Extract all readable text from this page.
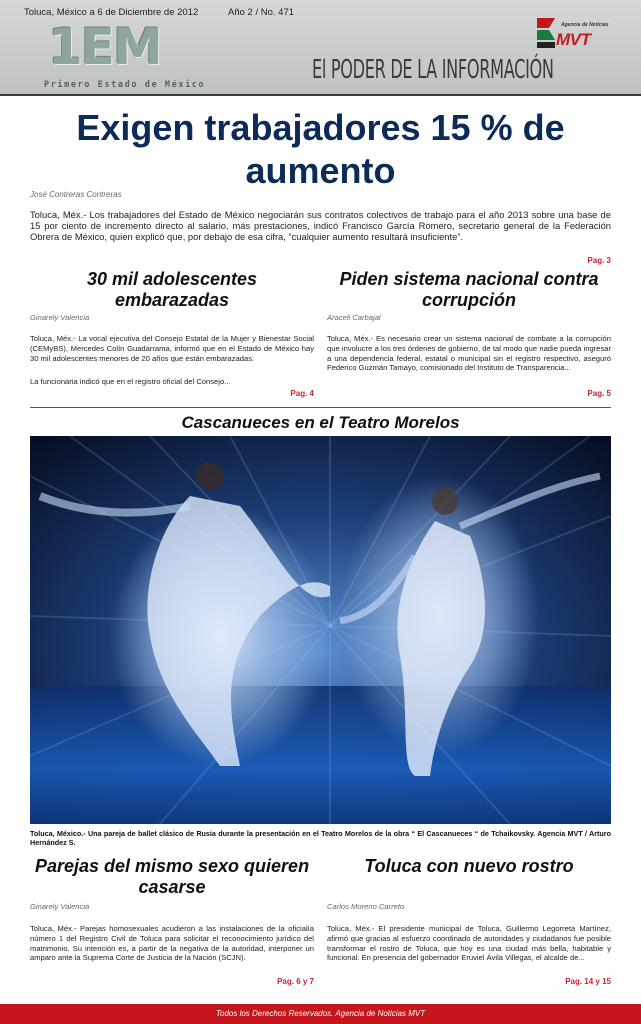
Toluca, México a 6 de Diciembre de 2012	Año 2 / No. 471
1EM
Primero Estado de México	El PODER DE LA INFORMACIÓN
Agencia de Noticias
MVT
Exigen trabajadores 15 % de aumento
José Contreras Contreras
Toluca, Méx.- Los trabajadores del Estado de México negociarán sus contratos colectivos de trabajo para el año 2013 sobre una base de 15 por ciento de incremento directo al salario, más prestaciones, indicó Francisco García Romero, secretario general de la Federación Obrera de México, quien explicó que, por debajo de esa cifra, “cualquier aumento resultará insuficiente”.
Pag. 3
30 mil adolescentes embarazadas
Ginarely Valencia
Toluca, Méx.- La vocal ejecutiva del Consejo Estatal de la Mujer y Bienestar Social (CEMyBS), Mercedes Colín Guadarrama, informó que en el Estado de México hay 30 mil adolescentes menores de 20 años que están embarazadas.
La funcionaria indicó que en el registro oficial del Consejo...
Pag. 4
Piden sistema nacional contra corrupción
Araceli Carbajal
Toluca, Méx.- Es necesario crear un sistema nacional de combate a la corrupción que involucre a los tres órdenes de gobierno, de tal modo que nadie pueda ingresar a una dependencia federal, estatal o municipal sin el registro respectivo, aseguró Federico Guzmán Tamayo, comisionado del Instituto de Transparencia...
Pag. 5
Cascanueces en el Teatro Morelos
Toluca, México.- Una pareja de ballet clásico de Rusia durante la presentación en el Teatro Morelos de la obra “ El Cascanueces “ de Tchaikovsky. Agencia MVT / Arturo Hernández S.
Parejas del mismo sexo quieren casarse
Ginarely Valencia
Toluca, Méx.- Parejas homosexuales acudieron a las instalaciones de la oficialía número 1 del Registro Civil de Toluca para solicitar el reconocimiento jurídico del matrimonio. Su intención es, a partir de la negativa de la autoridad, interponer un amparo ante la Suprema Corte de Justicia de la Nación (SCJN).
Pag. 6 y 7
Toluca con nuevo rostro
Carlos Moreno Carreto
Toluca, Méx.- El presidente municipal de Toluca, Guillermo Legorreta Martínez, afirmó que gracias al esfuerzo coordinado de autoridades y ciudadanos fue posible transformar el rostro de Toluca, que hoy es una ciudad más bella, habitable y funcional. En presencia del gobernador Eruviel Ávila Villegas, el alcalde de...
Pag. 14 y 15
Todos los Derechos Reservados. Agencia de Noticias MVT
